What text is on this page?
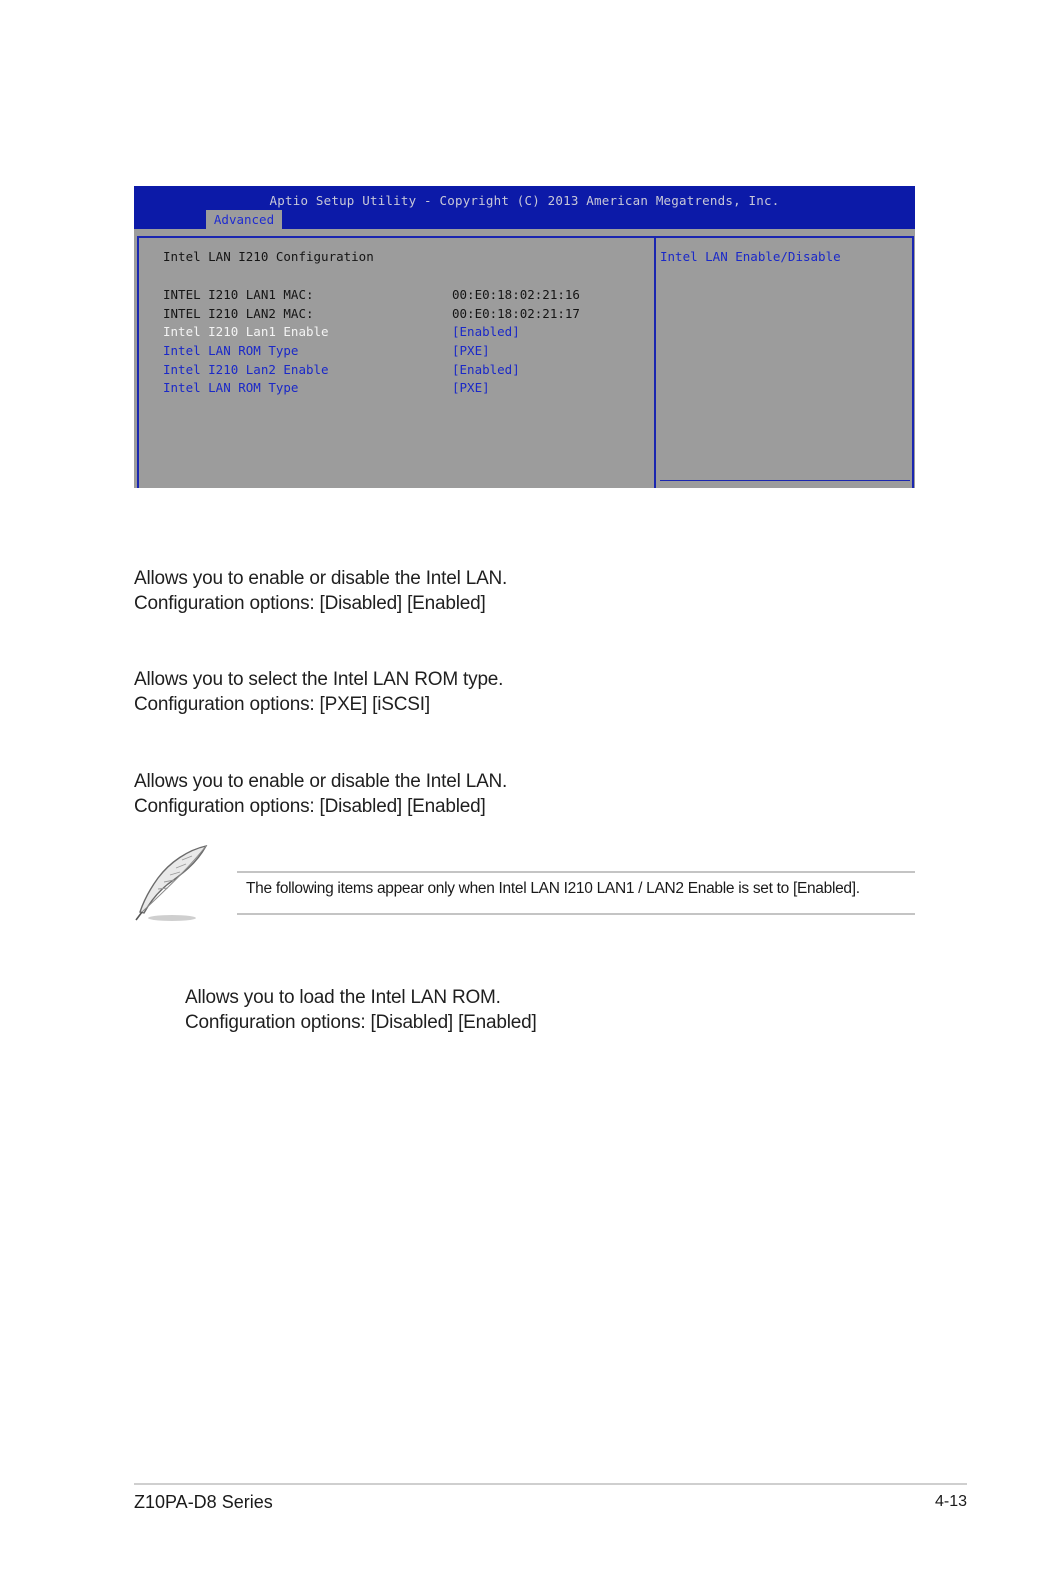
Aptio Setup Utility - Copyright (C) 2013 American Megatrends, Inc.
Advanced
Intel LAN I210 Configuration
INTEL I210 LAN1 MAC:	00:E0:18:02:21:16
INTEL I210 LAN2 MAC:	00:E0:18:02:21:17
Intel I210 Lan1 Enable	[Enabled]
Intel LAN ROM Type	[PXE]
Intel I210 Lan2 Enable	[Enabled]
Intel LAN ROM Type	[PXE]
Intel LAN Enable/Disable
Allows you to enable or disable the Intel LAN.
Configuration options: [Disabled] [Enabled]
Allows you to select the Intel LAN ROM type.
Configuration options: [PXE] [iSCSI]
Allows you to enable or disable the Intel LAN.
Configuration options: [Disabled] [Enabled]
The following items appear only when Intel LAN I210 LAN1 / LAN2 Enable is set to [Enabled].
Allows you to load the Intel LAN ROM.
Configuration options: [Disabled] [Enabled]
Z10PA-D8 Series	4-13
